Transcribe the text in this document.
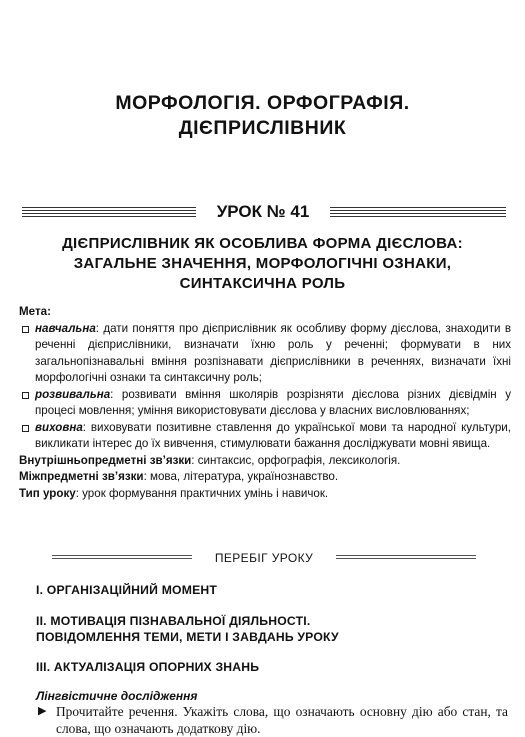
МОРФОЛОГІЯ. ОРФОГРАФІЯ.
ДІЄПРИСЛІВНИК
УРОК № 41
ДІЄПРИСЛІВНИК ЯК ОСОБЛИВА ФОРМА ДІЄСЛОВА:
ЗАГАЛЬНЕ ЗНАЧЕННЯ, МОРФОЛОГІЧНІ ОЗНАКИ,
СИНТАКСИЧНА РОЛЬ
Мета:
навчальна: дати поняття про дієприслівник як особливу форму дієслова, знаходити в реченні дієприслівники, визначати їхню роль у реченні; формувати в них загальнопізнавальні вміння розпізнавати дієприслівники в реченнях, визначати їхні морфологічні ознаки та синтаксичну роль;
розвивальна: розвивати вміння школярів розрізняти дієслова різних дієвідмін у процесі мовлення; уміння використовувати дієслова у власних висловлюваннях;
виховна: виховувати позитивне ставлення до української мови та народної культури, викликати інтерес до їх вивчення, стимулювати бажання досліджувати мовні явища.

Внутрішньопредметні зв’язки: синтаксис, орфографія, лексикологія.

Міжпредметні зв’язки: мова, література, українознавство.

Тип уроку: урок формування практичних умінь і навичок.

ПЕРЕБІГ УРОКУ
І. ОРГАНІЗАЦІЙНИЙ МОМЕНТ
ІІ. МОТИВАЦІЯ ПІЗНАВАЛЬНОЇ ДІЯЛЬНОСТІ.
ПОВІДОМЛЕННЯ ТЕМИ, МЕТИ І ЗАВДАНЬ УРОКУ
ІІІ. АКТУАЛІЗАЦІЯ ОПОРНИХ ЗНАНЬ
Лінгвістичне дослідження
▶ Прочитайте речення. Укажіть слова, що означають основну дію або стан, та слова, що означають додаткову дію.
